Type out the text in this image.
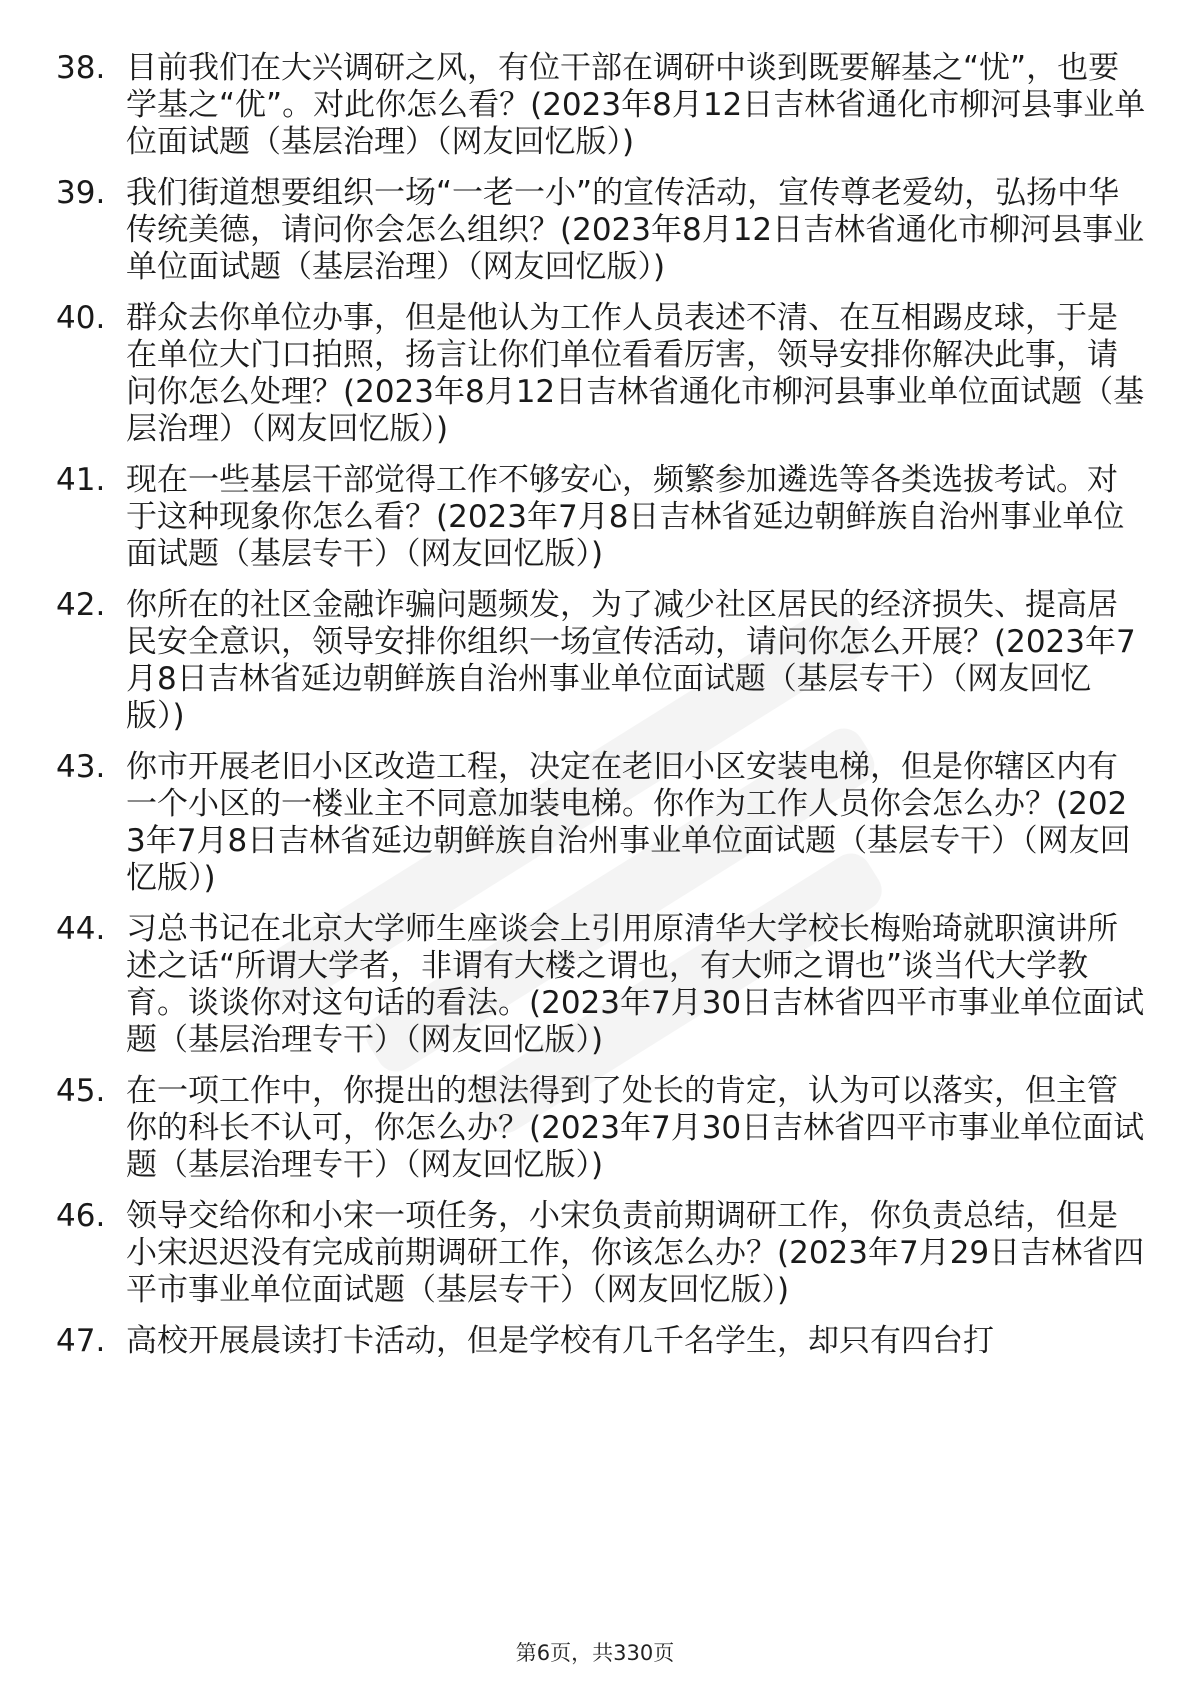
38. 目前我们在大兴调研之风，有位干部在调研中谈到既要解基之“忧”，也要学基之“优”。对此你怎么看？(2023年8月12日吉林省通化市柳河县事业单位面试题（基层治理）（网友回忆版）)
39. 我们街道想要组织一场“一老一小”的宣传活动，宣传尊老爱幼，弘扬中华传统美德，请问你会怎么组织？(2023年8月12日吉林省通化市柳河县事业单位面试题（基层治理）（网友回忆版）)
40. 群众去你单位办事，但是他认为工作人员表述不清、在互相踢皮球，于是在单位大门口拍照，扬言让你们单位看看厉害，领导安排你解决此事，请问你怎么处理？(2023年8月12日吉林省通化市柳河县事业单位面试题（基层治理）（网友回忆版）)
41. 现在一些基层干部觉得工作不够安心，频繁参加遴选等各类选拔考试。对于这种现象你怎么看？(2023年7月8日吉林省延边朝鲜族自治州事业单位面试题（基层专干）（网友回忆版）)
42. 你所在的社区金融诈骗问题频发，为了减少社区居民的经济损失、提高居民安全意识，领导安排你组织一场宣传活动，请问你怎么开展？(2023年7月8日吉林省延边朝鲜族自治州事业单位面试题（基层专干）（网友回忆版）)
43. 你市开展老旧小区改造工程，决定在老旧小区安装电梯，但是你辖区内有一个小区的一楼业主不同意加装电梯。你作为工作人员你会怎么办？(2023年7月8日吉林省延边朝鲜族自治州事业单位面试题（基层专干）（网友回忆版）)
44. 习总书记在北京大学师生座谈会上引用原清华大学校长梅贻琦就职演讲所述之话“所谓大学者，非谓有大楼之谓也，有大师之谓也”谈当代大学教育。谈谈你对这句话的看法。(2023年7月30日吉林省四平市事业单位面试题（基层治理专干）（网友回忆版）)
45. 在一项工作中，你提出的想法得到了处长的肯定，认为可以落实，但主管你的科长不认可，你怎么办？(2023年7月30日吉林省四平市事业单位面试题（基层治理专干）（网友回忆版）)
46. 领导交给你和小宋一项任务，小宋负责前期调研工作，你负责总结，但是小宋迟迟没有完成前期调研工作，你该怎么办？(2023年7月29日吉林省四平市事业单位面试题（基层专干）（网友回忆版）)
47. 高校开展晨读打卡活动，但是学校有几千名学生，却只有四台打
第6页，共330页
